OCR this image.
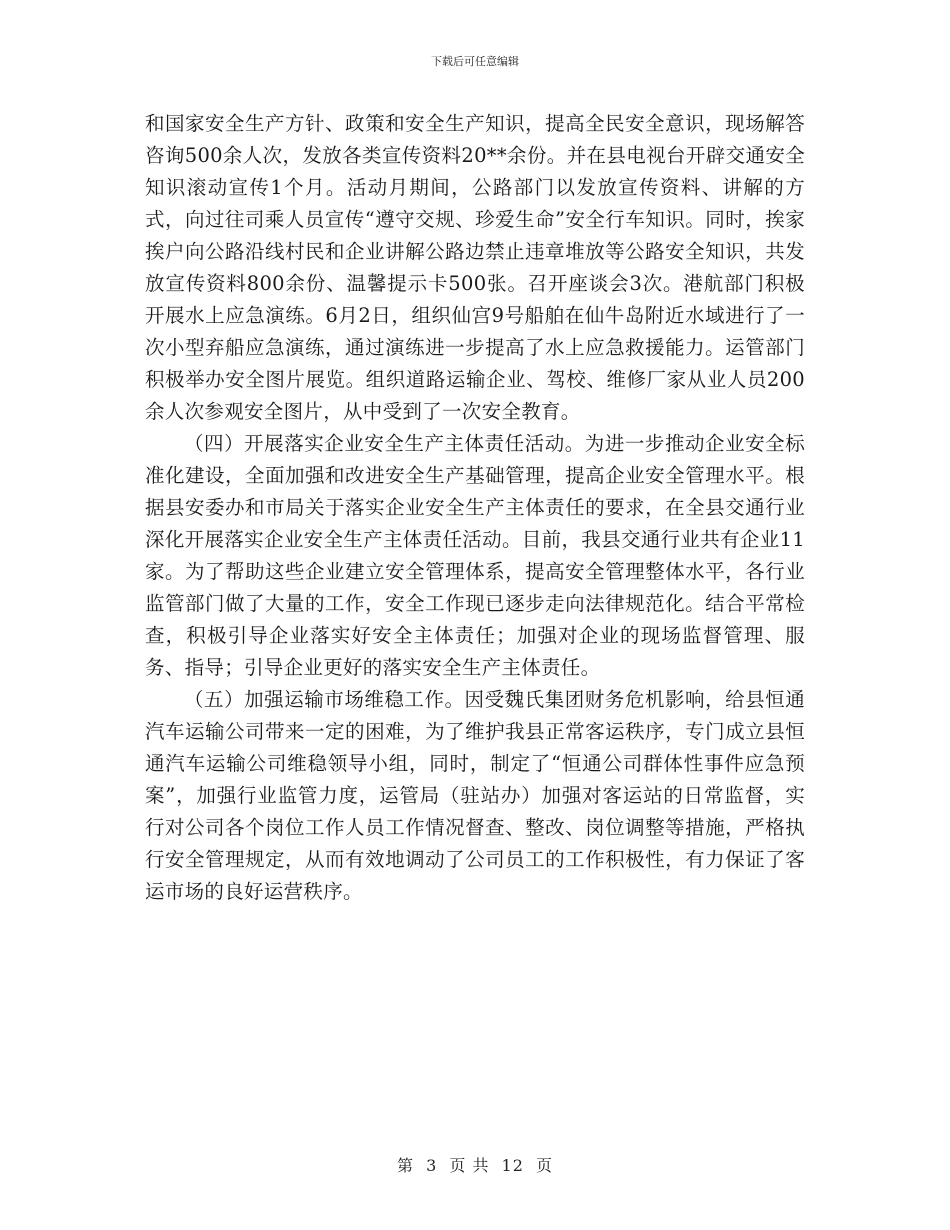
下载后可任意编辑

和国家安全生产方针、政策和安全生产知识，提高全民安全意识，现场解答咨询500余人次，发放各类宣传资料20**余份。并在县电视台开辟交通安全知识滚动宣传1个月。活动月期间，公路部门以发放宣传资料、讲解的方式，向过往司乘人员宣传“遵守交规、珍爱生命”安全行车知识。同时，挨家挨户向公路沿线村民和企业讲解公路边禁止违章堆放等公路安全知识，共发放宣传资料800余份、温馨提示卡500张。召开座谈会3次。港航部门积极开展水上应急演练。6月2日，组织仙宫9号船舶在仙牛岛附近水域进行了一次小型弃船应急演练，通过演练进一步提高了水上应急救援能力。运管部门积极举办安全图片展览。组织道路运输企业、驾校、维修厂家从业人员200余人次参观安全图片，从中受到了一次安全教育。

（四）开展落实企业安全生产主体责任活动。为进一步推动企业安全标准化建设，全面加强和改进安全生产基础管理，提高企业安全管理水平。根据县安委办和市局关于落实企业安全生产主体责任的要求，在全县交通行业深化开展落实企业安全生产主体责任活动。目前，我县交通行业共有企业11家。为了帮助这些企业建立安全管理体系，提高安全管理整体水平，各行业监管部门做了大量的工作，安全工作现已逐步走向法律规范化。结合平常检查，积极引导企业落实好安全主体责任；加强对企业的现场监督管理、服务、指导；引导企业更好的落实安全生产主体责任。

（五）加强运输市场维稳工作。因受魏氏集团财务危机影响，给县恒通汽车运输公司带来一定的困难，为了维护我县正常客运秩序，专门成立县恒通汽车运输公司维稳领导小组，同时，制定了“恒通公司群体性事件应急预案”，加强行业监管力度，运管局（驻站办）加强对客运站的日常监督，实行对公司各个岗位工作人员工作情况督查、整改、岗位调整等措施，严格执行安全管理规定，从而有效地调动了公司员工的工作积极性，有力保证了客运市场的良好运营秩序。

第 3 页 共 12 页
